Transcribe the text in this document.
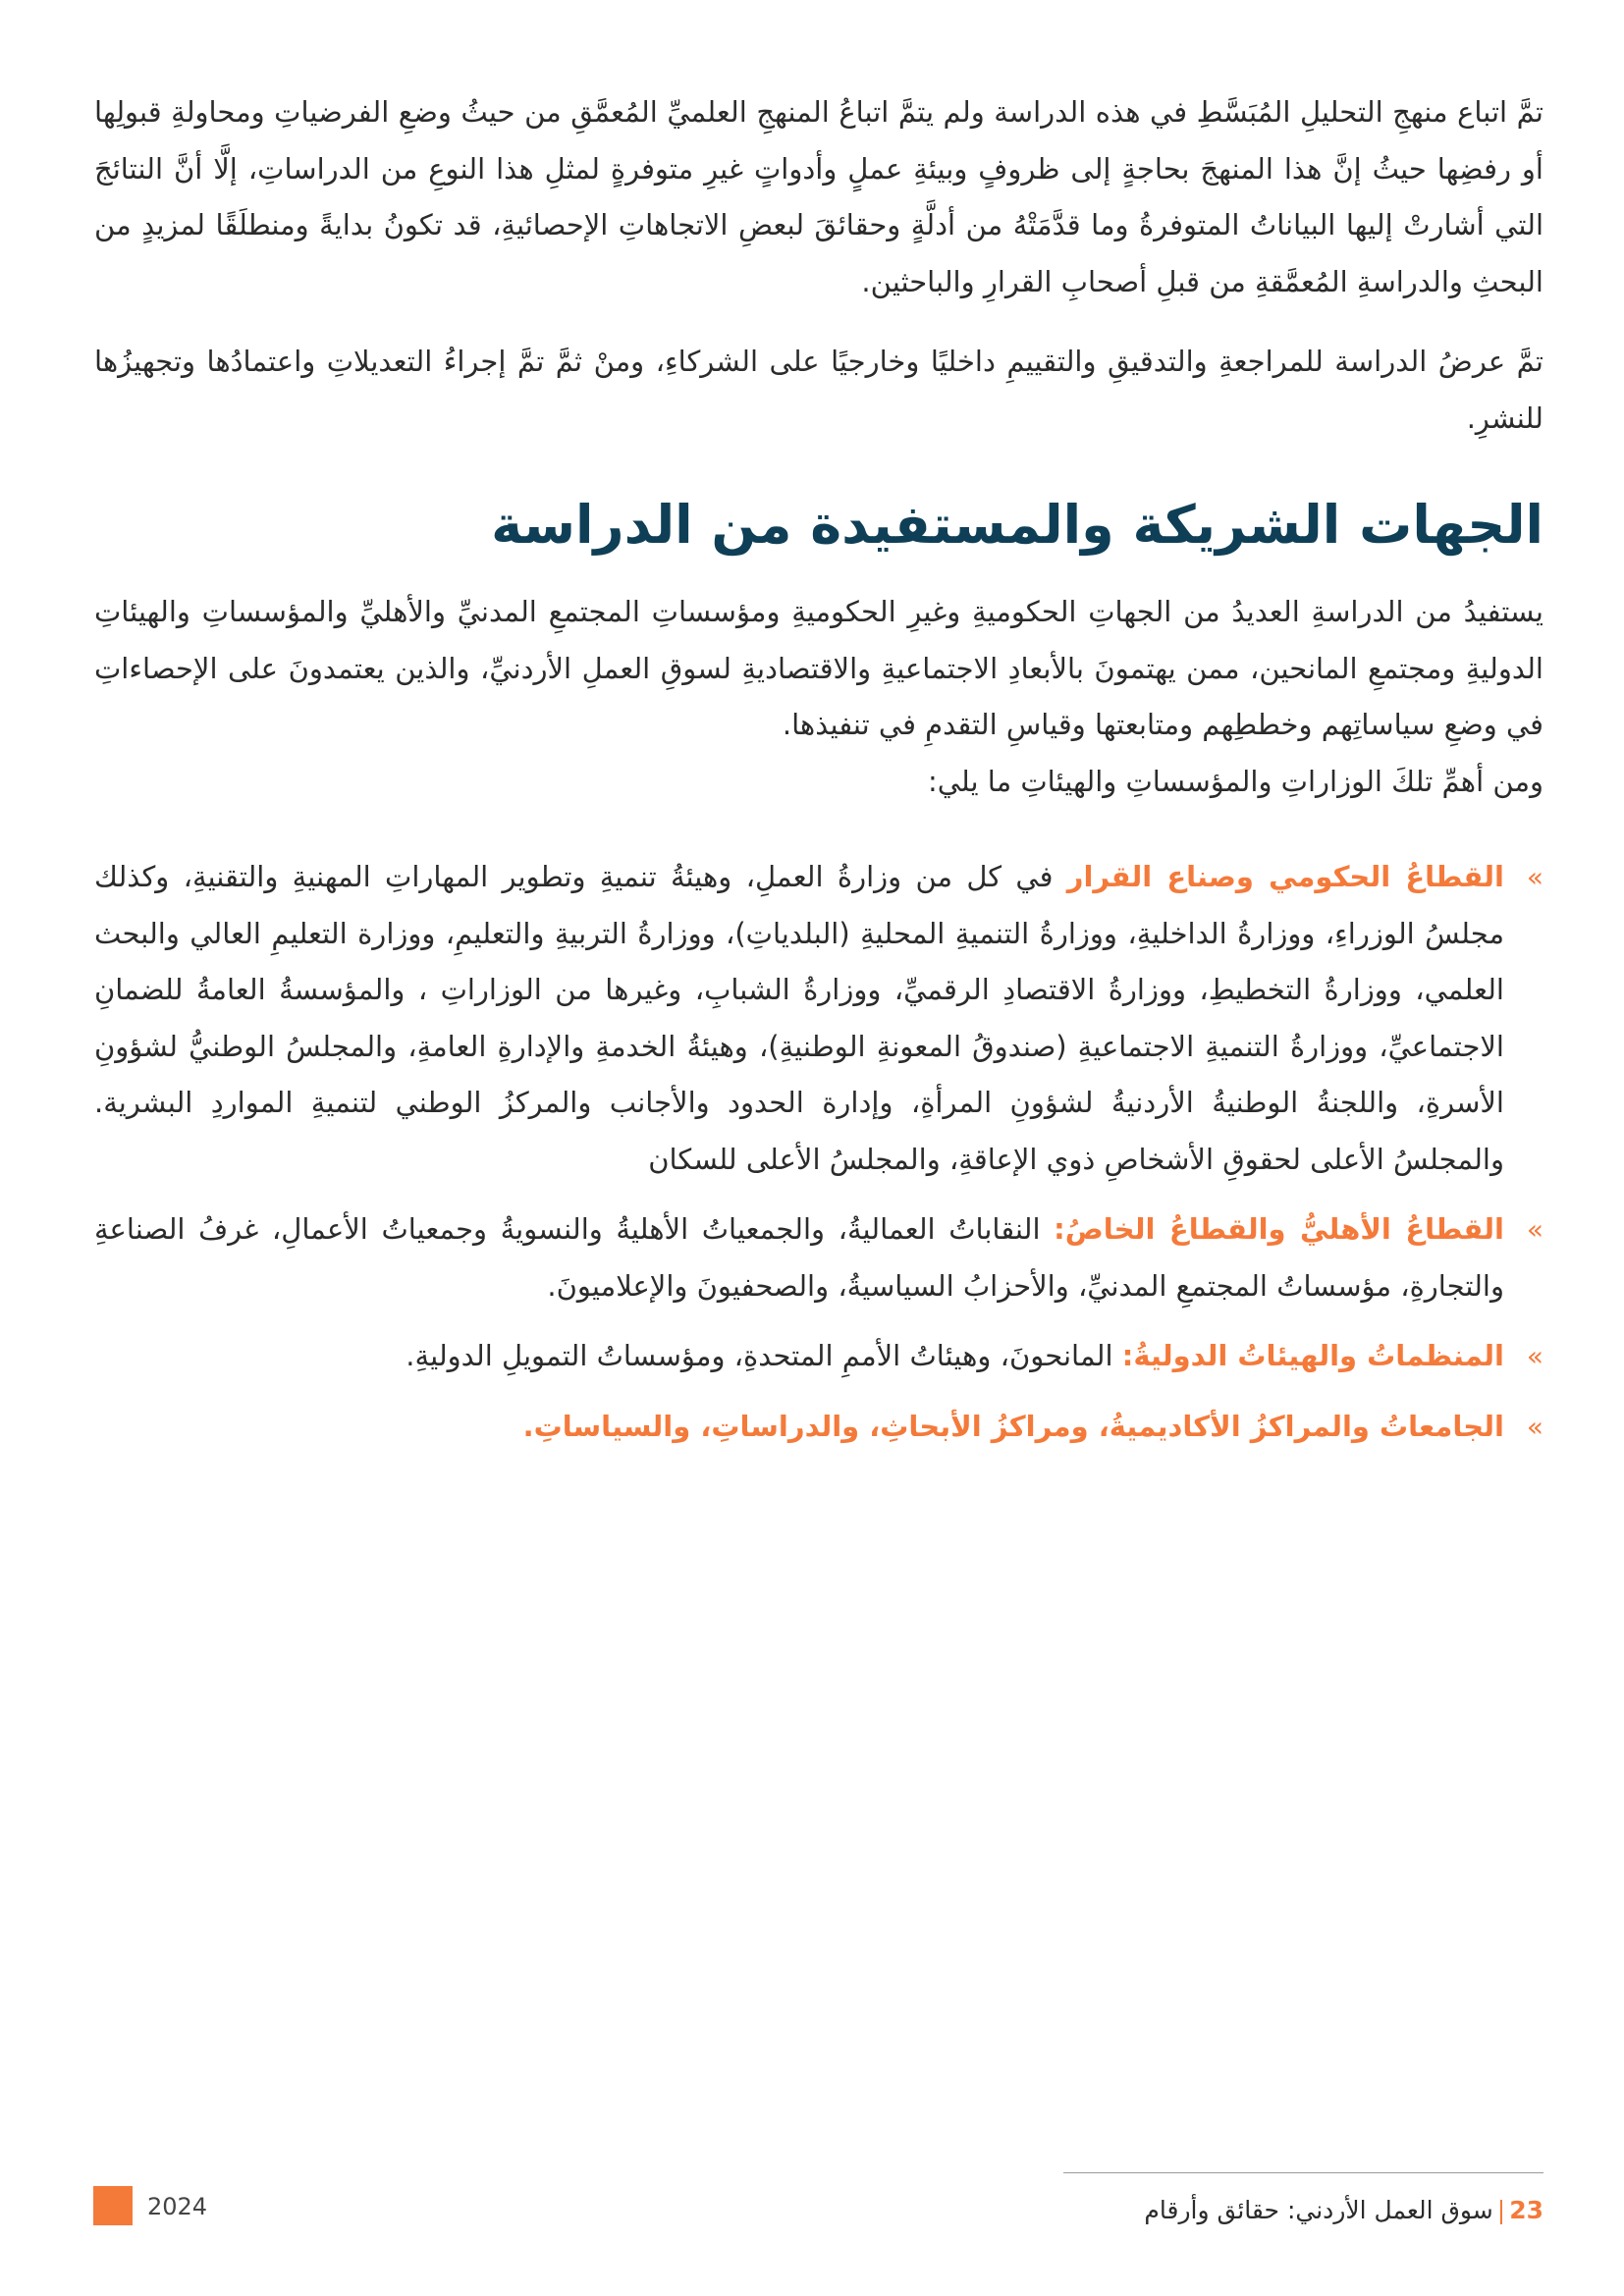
تمَّ اتباع منهجِ التحليلِ المُبَسَّطِ في هذه الدراسة ولم يتمَّ اتباعُ المنهجِ العلميِّ المُعمَّقِ من حيثُ وضعِ الفرضياتِ ومحاولةِ قبولِها أو رفضِها حيثُ إنَّ هذا المنهجَ بحاجةٍ إلى ظروفٍ وبيئةِ عملٍ وأدواتٍ غيرِ متوفرةٍ لمثلِ هذا النوعِ من الدراساتِ، إلَّا أنَّ النتائجَ التي أشارتْ إليها البياناتُ المتوفرةُ وما قدَّمَتْهُ من أدلَّةٍ وحقائقَ لبعضِ الاتجاهاتِ الإحصائيةِ، قد تكونُ بدايةً ومنطلَقًا لمزيدٍ من البحثِ والدراسةِ المُعمَّقةِ من قبلِ أصحابِ القرارِ والباحثين.

تمَّ عرضُ الدراسة للمراجعةِ والتدقيقِ والتقييمِ داخليًا وخارجيًا على الشركاءِ، ومنْ ثمَّ تمَّ إجراءُ التعديلاتِ واعتمادُها وتجهيزُها للنشرِ.

الجهات الشريكة والمستفيدة من الدراسة

يستفيدُ من الدراسةِ العديدُ من الجهاتِ الحكوميةِ وغيرِ الحكوميةِ ومؤسساتِ المجتمعِ المدنيِّ والأهليِّ والمؤسساتِ والهيئاتِ الدوليةِ ومجتمعِ المانحين، ممن يهتمونَ بالأبعادِ الاجتماعيةِ والاقتصاديةِ لسوقِ العملِ الأردنيِّ، والذين يعتمدونَ على الإحصاءاتِ في وضعِ سياساتِهم وخططِهم ومتابعتها وقياسِ التقدمِ في تنفيذها.

ومن أهمِّ تلكَ الوزاراتِ والمؤسساتِ والهيئاتِ ما يلي:

»
القطاعُ الحكومي وصناع القرار في كل من وزارةُ العملِ، وهيئةُ تنميةِ وتطوير المهاراتِ المهنيةِ والتقنيةِ، وكذلك مجلسُ الوزراءِ، ووزارةُ الداخليةِ، ووزارةُ التنميةِ المحليةِ (البلدياتِ)، ووزارةُ التربيةِ والتعليمِ، ووزارة التعليمِ العالي والبحث العلمي، ووزارةُ التخطيطِ، ووزارةُ الاقتصادِ الرقميِّ، ووزارةُ الشبابِ، وغيرها من الوزاراتِ ، والمؤسسةُ العامةُ للضمانِ الاجتماعيِّ، ووزارةُ التنميةِ الاجتماعيةِ (صندوقُ المعونةِ الوطنيةِ)، وهيئةُ الخدمةِ والإدارةِ العامةِ، والمجلسُ الوطنيُّ لشؤونِ الأسرةِ، واللجنةُ الوطنيةُ الأردنيةُ لشؤونِ المرأةِ، وإدارة الحدود والأجانب والمركزُ الوطني لتنميةِ المواردِ البشرية. والمجلسُ الأعلى لحقوقِ الأشخاصِ ذوي الإعاقةِ، والمجلسُ الأعلى للسكان
»
القطاعُ الأهليُّ والقطاعُ الخاصُ: النقاباتُ العماليةُ، والجمعياتُ الأهليةُ والنسويةُ وجمعياتُ الأعمالِ، غرفُ الصناعةِ والتجارةِ، مؤسساتُ المجتمعِ المدنيِّ، والأحزابُ السياسيةُ، والصحفيونَ والإعلاميونَ.
»
المنظماتُ والهيئاتُ الدوليةُ: المانحونَ، وهيئاتُ الأممِ المتحدةِ، ومؤسساتُ التمويلِ الدوليةِ.
»
الجامعاتُ والمراكزُ الأكاديميةُ، ومراكزُ الأبحاثِ، والدراساتِ، والسياساتِ.
2024	23|سوق العمل الأردني: حقائق وأرقام
